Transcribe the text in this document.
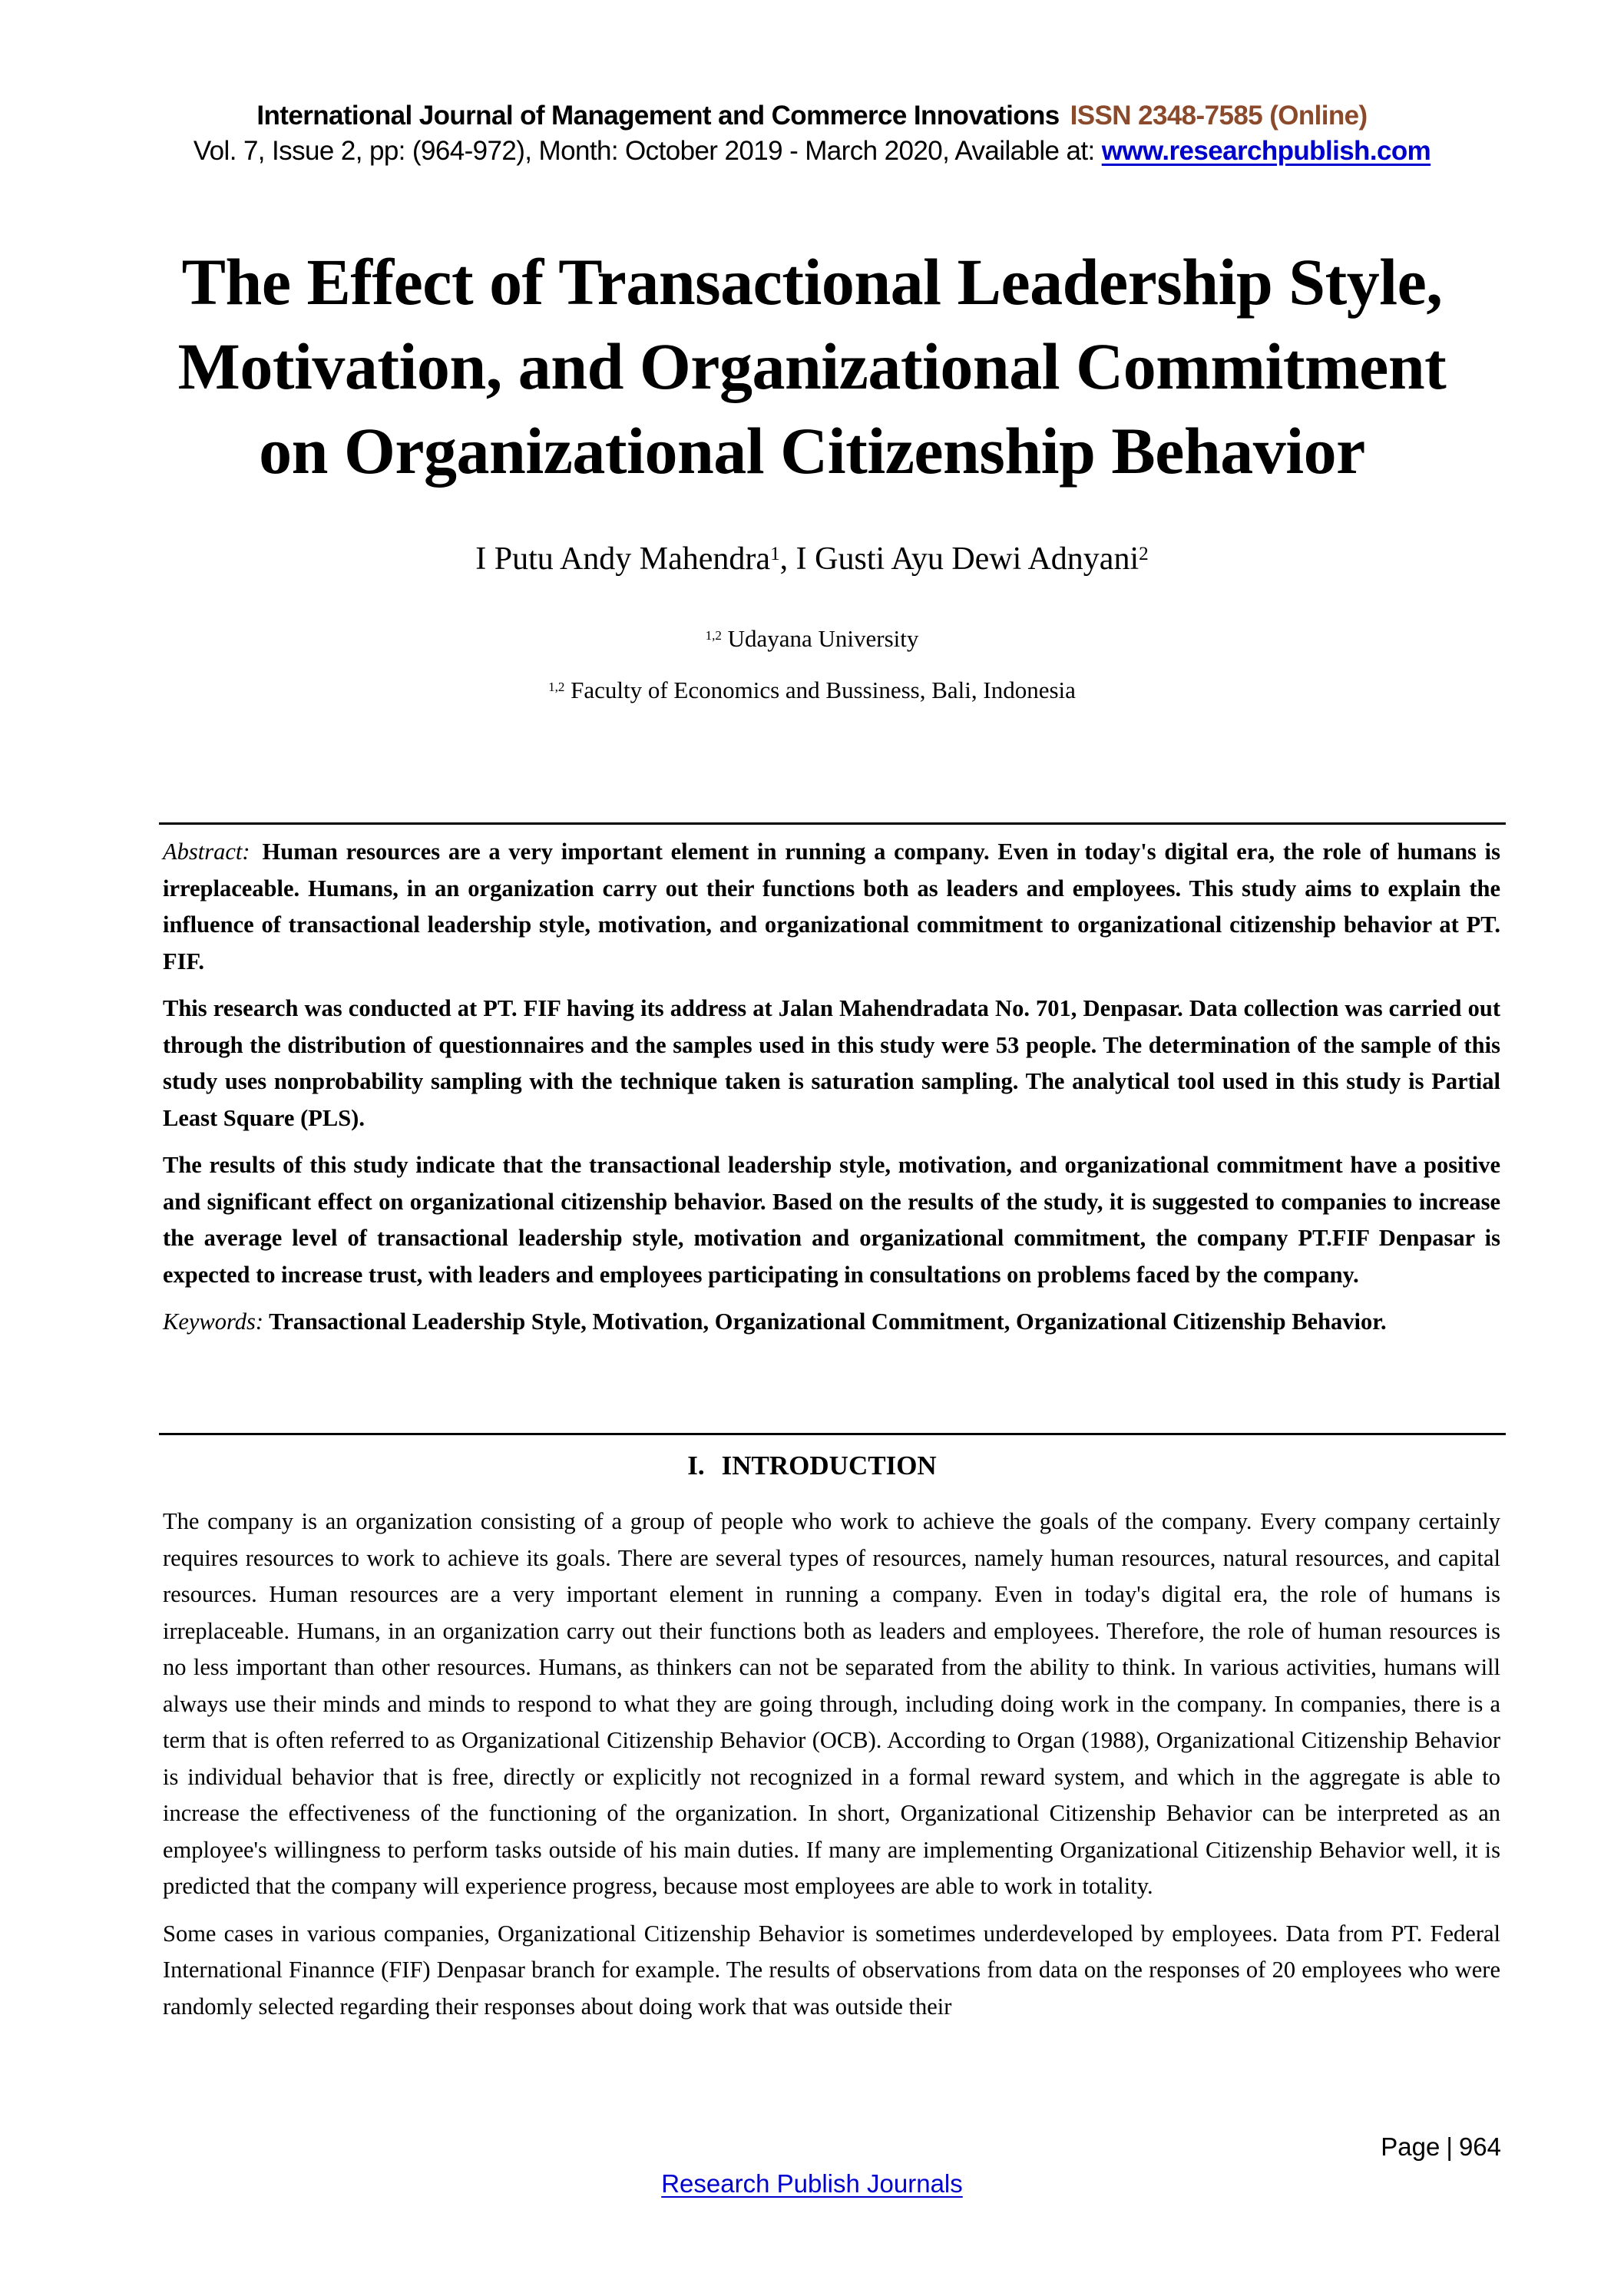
International Journal of Management and Commerce Innovations ISSN 2348-7585 (Online)
Vol. 7, Issue 2, pp: (964-972), Month: October 2019 - March 2020, Available at: www.researchpublish.com
The Effect of Transactional Leadership Style,
Motivation, and Organizational Commitment
on Organizational Citizenship Behavior
I Putu Andy Mahendra$^1$, I Gusti Ayu Dewi Adnyani$^2$
$^{1,2}$ Udayana University
$^{1,2}$ Faculty of Economics and Bussiness, Bali, Indonesia

Abstract: Human resources are a very important element in running a company. Even in today's digital era, the role of humans is irreplaceable. Humans, in an organization carry out their functions both as leaders and employees. This study aims to explain the influence of transactional leadership style, motivation, and organizational commitment to organizational citizenship behavior at PT. FIF.

This research was conducted at PT. FIF having its address at Jalan Mahendradata No. 701, Denpasar. Data collection was carried out through the distribution of questionnaires and the samples used in this study were 53 people. The determination of the sample of this study uses nonprobability sampling with the technique taken is saturation sampling. The analytical tool used in this study is Partial Least Square (PLS).

The results of this study indicate that the transactional leadership style, motivation, and organizational commitment have a positive and significant effect on organizational citizenship behavior. Based on the results of the study, it is suggested to companies to increase the average level of transactional leadership style, motivation and organizational commitment, the company PT.FIF Denpasar is expected to increase trust, with leaders and employees participating in consultations on problems faced by the company.

Keywords: Transactional Leadership Style, Motivation, Organizational Commitment, Organizational Citizenship Behavior.

I. INTRODUCTION

The company is an organization consisting of a group of people who work to achieve the goals of the company. Every company certainly requires resources to work to achieve its goals. There are several types of resources, namely human resources, natural resources, and capital resources. Human resources are a very important element in running a company. Even in today's digital era, the role of humans is irreplaceable. Humans, in an organization carry out their functions both as leaders and employees. Therefore, the role of human resources is no less important than other resources. Humans, as thinkers can not be separated from the ability to think. In various activities, humans will always use their minds and minds to respond to what they are going through, including doing work in the company. In companies, there is a term that is often referred to as Organizational Citizenship Behavior (OCB). According to Organ (1988), Organizational Citizenship Behavior is individual behavior that is free, directly or explicitly not recognized in a formal reward system, and which in the aggregate is able to increase the effectiveness of the functioning of the organization. In short, Organizational Citizenship Behavior can be interpreted as an employee's willingness to perform tasks outside of his main duties. If many are implementing Organizational Citizenship Behavior well, it is predicted that the company will experience progress, because most employees are able to work in totality.

Some cases in various companies, Organizational Citizenship Behavior is sometimes underdeveloped by employees. Data from PT. Federal International Finannce (FIF) Denpasar branch for example. The results of observations from data on the responses of 20 employees who were randomly selected regarding their responses about doing work that was outside their

Page | 964
Research Publish Journals
